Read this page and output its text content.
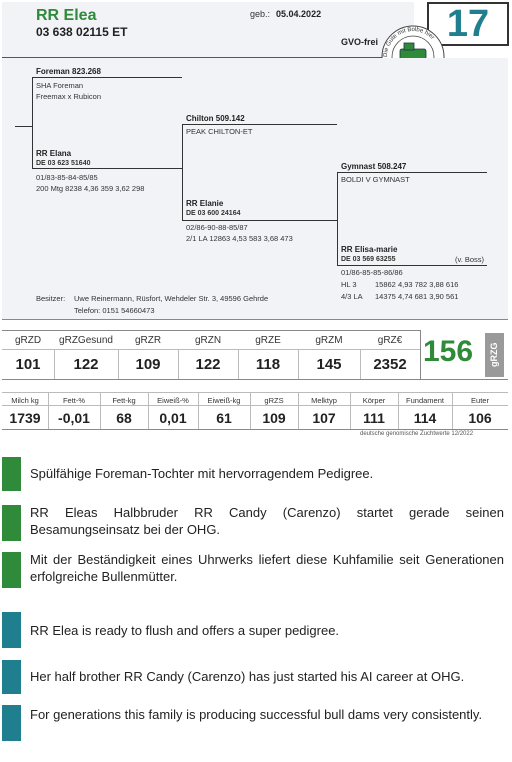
RR Elea
03 638 02115 ET
geb.: 05.04.2022
GVO-frei	17
Die Gute mit Bolbe hier
Foreman 823.268
SHA Foreman
Freemax x Rubicon
RR Elana
DE 03 623 51640
01/83-85-84-85/85
200 Mtg 8238 4,36 359 3,62 298
Chilton 509.142
PEAK CHILTON-ET
RR Elanie
DE 03 600 24164
02/86-90-88-85/87
2/1 LA 12863 4,53 583 3,68 473
Gymnast 508.247
BOLDI V GYMNAST
RR Elisa-marie
DE 03 569 63255	(v. Boss)
01/86-85-85-86/86
HL 3 15862 4,93 782 3,88 616
4/3 LA 14375 4,74 681 3,90 561
Besitzer: Uwe Reinermann, Rüsfort, Wehdeler Str. 3, 49596 Gehrde
Telefon: 0151 54660473
gRZD	gRZGesund	gRZR	gRZN	gRZE	gRZM	gRZ€
101	122	109	122	118	145	2352 156	gRZG
Milch kg	Fett-%	Fett-kg	Eiweiß-%	Eiweiß-kg	gRZS	Melktyp	Körper	Fundament	Euter
1739	-0,01	68	0,01	61	109	107	111	114	106
deutsche genomische Zuchtwerte 12/2022
Spülfähige Foreman-Tochter mit hervorragendem Pedigree.
RR Eleas Halbbruder RR Candy (Carenzo) startet gerade seinen Besamungseinsatz bei der OHG.
Mit der Beständigkeit eines Uhrwerks liefert diese Kuhfamilie seit Generationen erfolgreiche Bullenmütter.
RR Elea is ready to flush and offers a super pedigree.
Her half brother RR Candy (Carenzo) has just started his AI career at OHG.
For generations this family is producing successful bull dams very consistently.
